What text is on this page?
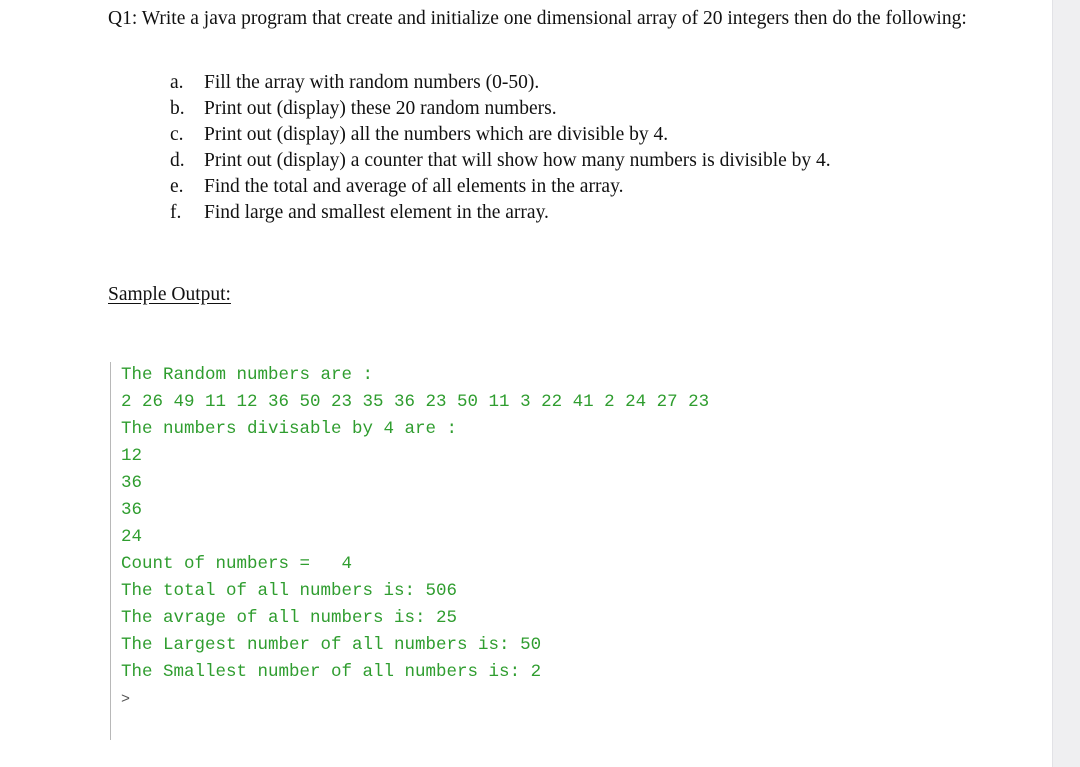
Q1: Write a java program that create and initialize one dimensional array of 20 integers then do the following:

a.	Fill the array with random numbers (0-50).
b. Print out (display) these 20 random numbers.
c.	Print out (display) all the numbers which are divisible by 4.
d. Print out (display) a counter that will show how many numbers is divisible by 4.
e.	Find the total and average of all elements in the array.
f.	Find large and smallest element in the array.

Sample Output:

The Random numbers are :
2 26 49 11 12 36 50 23 35 36 23 50 11 3 22 41 2 24 27 23
The numbers divisable by 4 are :
12
36
36
24
Count of numbers =   4
The total of all numbers is: 506
The avrage of all numbers is: 25
The Largest number of all numbers is: 50
The Smallest number of all numbers is: 2
>
